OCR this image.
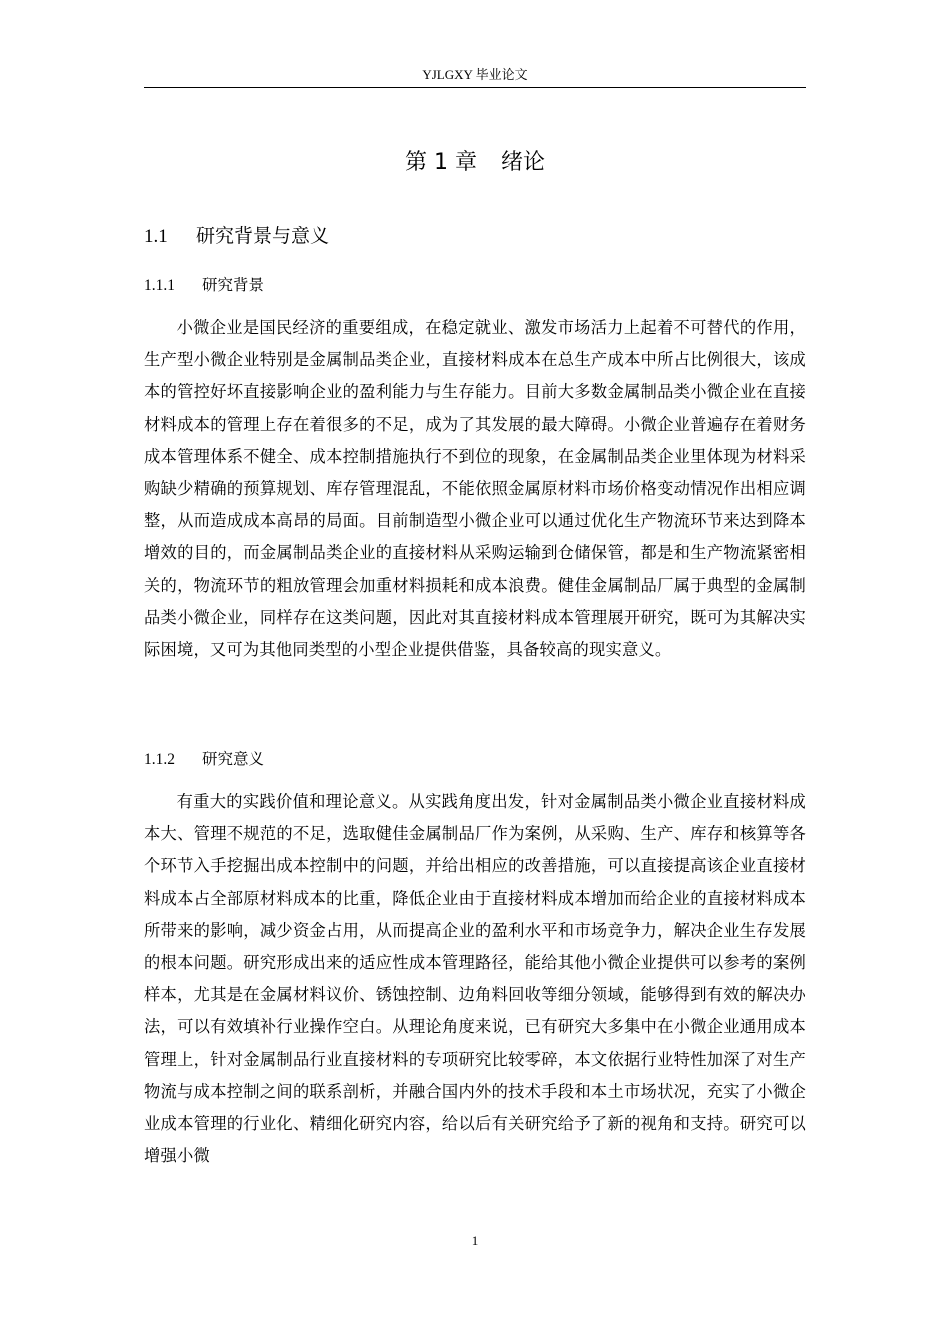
YJLGXY 毕业论文
第 1 章 绪论
1.1 研究背景与意义
1.1.1 研究背景

小微企业是国民经济的重要组成，在稳定就业、激发市场活力上起着不可替代的作用，生产型小微企业特别是金属制品类企业，直接材料成本在总生产成本中所占比例很大，该成本的管控好坏直接影响企业的盈利能力与生存能力。目前大多数金属制品类小微企业在直接材料成本的管理上存在着很多的不足，成为了其发展的最大障碍。小微企业普遍存在着财务成本管理体系不健全、成本控制措施执行不到位的现象，在金属制品类企业里体现为材料采购缺少精确的预算规划、库存管理混乱，不能依照金属原材料市场价格变动情况作出相应调整，从而造成成本高昂的局面。目前制造型小微企业可以通过优化生产物流环节来达到降本增效的目的，而金属制品类企业的直接材料从采购运输到仓储保管，都是和生产物流紧密相关的，物流环节的粗放管理会加重材料损耗和成本浪费。健佳金属制品厂属于典型的金属制品类小微企业，同样存在这类问题，因此对其直接材料成本管理展开研究，既可为其解决实际困境，又可为其他同类型的小型企业提供借鉴，具备较高的现实意义。

1.1.2 研究意义

有重大的实践价值和理论意义。从实践角度出发，针对金属制品类小微企业直接材料成本大、管理不规范的不足，选取健佳金属制品厂作为案例，从采购、生产、库存和核算等各个环节入手挖掘出成本控制中的问题，并给出相应的改善措施，可以直接提高该企业直接材料成本占全部原材料成本的比重，降低企业由于直接材料成本增加而给企业的直接材料成本所带来的影响，减少资金占用，从而提高企业的盈利水平和市场竞争力，解决企业生存发展的根本问题。研究形成出来的适应性成本管理路径，能给其他小微企业提供可以参考的案例样本，尤其是在金属材料议价、锈蚀控制、边角料回收等细分领域，能够得到有效的解决办法，可以有效填补行业操作空白。从理论角度来说，已有研究大多集中在小微企业通用成本管理上，针对金属制品行业直接材料的专项研究比较零碎，本文依据行业特性加深了对生产物流与成本控制之间的联系剖析，并融合国内外的技术手段和本土市场状况，充实了小微企业成本管理的行业化、精细化研究内容，给以后有关研究给予了新的视角和支持。研究可以增强小微

1
